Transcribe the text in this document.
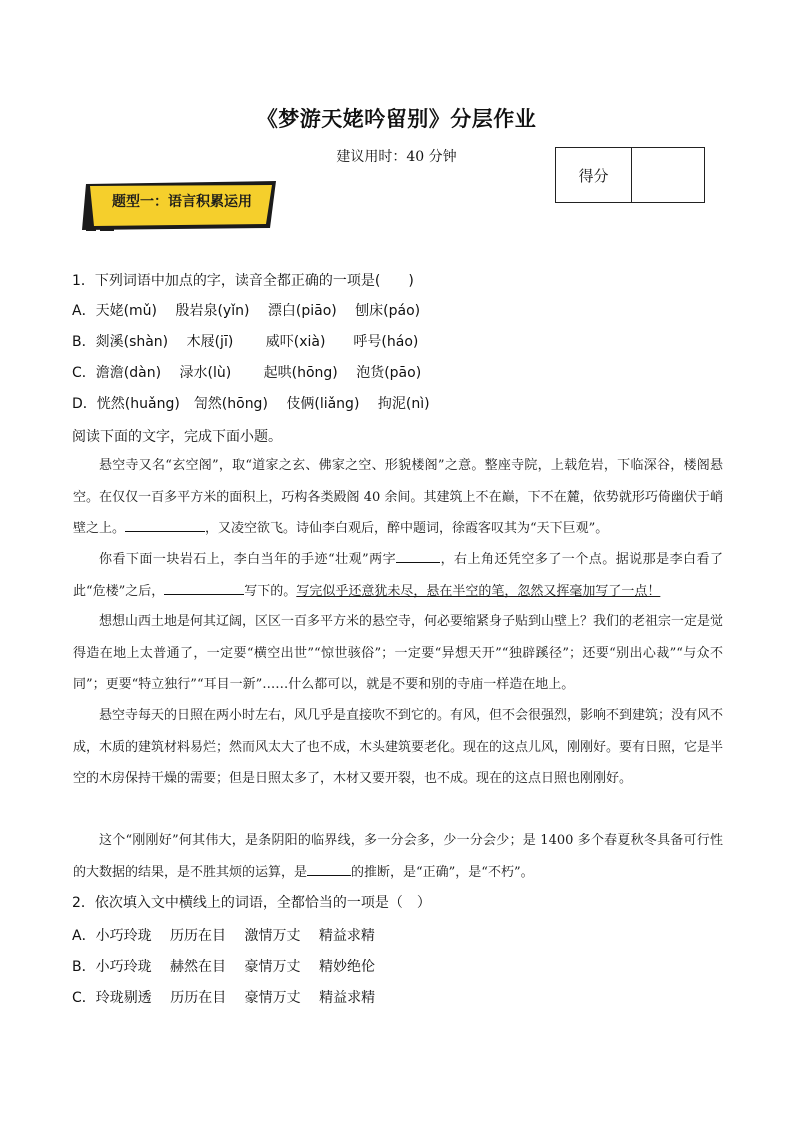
《梦游天姥吟留别》分层作业
建议用时：40 分钟
得分
题型一：语言积累运用
1．下列词语中加点的字，读音全都正确的一项是(　　)
A．天姥(mǔ)　 殷岩泉(yǐn)　 漂白(piāo)　 刨床(páo)
B．剡溪(shàn)　 木屐(jī)　　 威吓(xià)　　呼号(háo)
C．澹澹(dàn)　 渌水(lù)　　 起哄(hōng)　 泡货(pāo)
D．恍然(huǎng)　訇然(hōng)　 伎俩(liǎng)　 拘泥(nì)
阅读下面的文字，完成下面小题。
悬空寺又名“玄空阁”，取“道家之玄、佛家之空、形貌楼阁”之意。整座寺院，上载危岩，下临深谷，楼阁悬空。在仅仅一百多平方米的面积上，巧构各类殿阁 40 余间。其建筑上不在巅，下不在麓，依势就形巧倚幽伏于峭壁之上。	，又凌空欲飞。诗仙李白观后，醉中题词，徐霞客叹其为“天下巨观”。
你看下面一块岩石上，李白当年的手迹“壮观”两字	，右上角还凭空多了一个点。据说那是李白看了此“危楼”之后，	写下的。写完似乎还意犹未尽，悬在半空的笔，忽然又挥毫加写了一点！
想想山西土地是何其辽阔，区区一百多平方米的悬空寺，何必要缩紧身子贴到山壁上？我们的老祖宗一定是觉得造在地上太普通了，一定要“横空出世”“惊世骇俗”；一定要“异想天开”“独辟蹊径”；还要“别出心裁”“与众不同”；更要“特立独行”“耳目一新”……什么都可以，就是不要和别的寺庙一样造在地上。
悬空寺每天的日照在两小时左右，风几乎是直接吹不到它的。有风，但不会很强烈，影响不到建筑；没有风不成，木质的建筑材料易烂；然而风太大了也不成，木头建筑要老化。现在的这点儿风，刚刚好。要有日照，它是半空的木房保持干燥的需要；但是日照太多了，木材又要开裂，也不成。现在的这点日照也刚刚好。
这个“刚刚好”何其伟大，是条阴阳的临界线，多一分会多，少一分会少；是 1400 多个春夏秋冬具备可行性的大数据的结果，是不胜其烦的运算，是	的推断，是“正确”，是“不朽”。
2．依次填入文中横线上的词语，全都恰当的一项是（　）
A．小巧玲珑　 历历在目　 激情万丈　 精益求精
B．小巧玲珑　 赫然在目　 豪情万丈　 精妙绝伦
C．玲珑剔透　 历历在目　 豪情万丈　 精益求精
